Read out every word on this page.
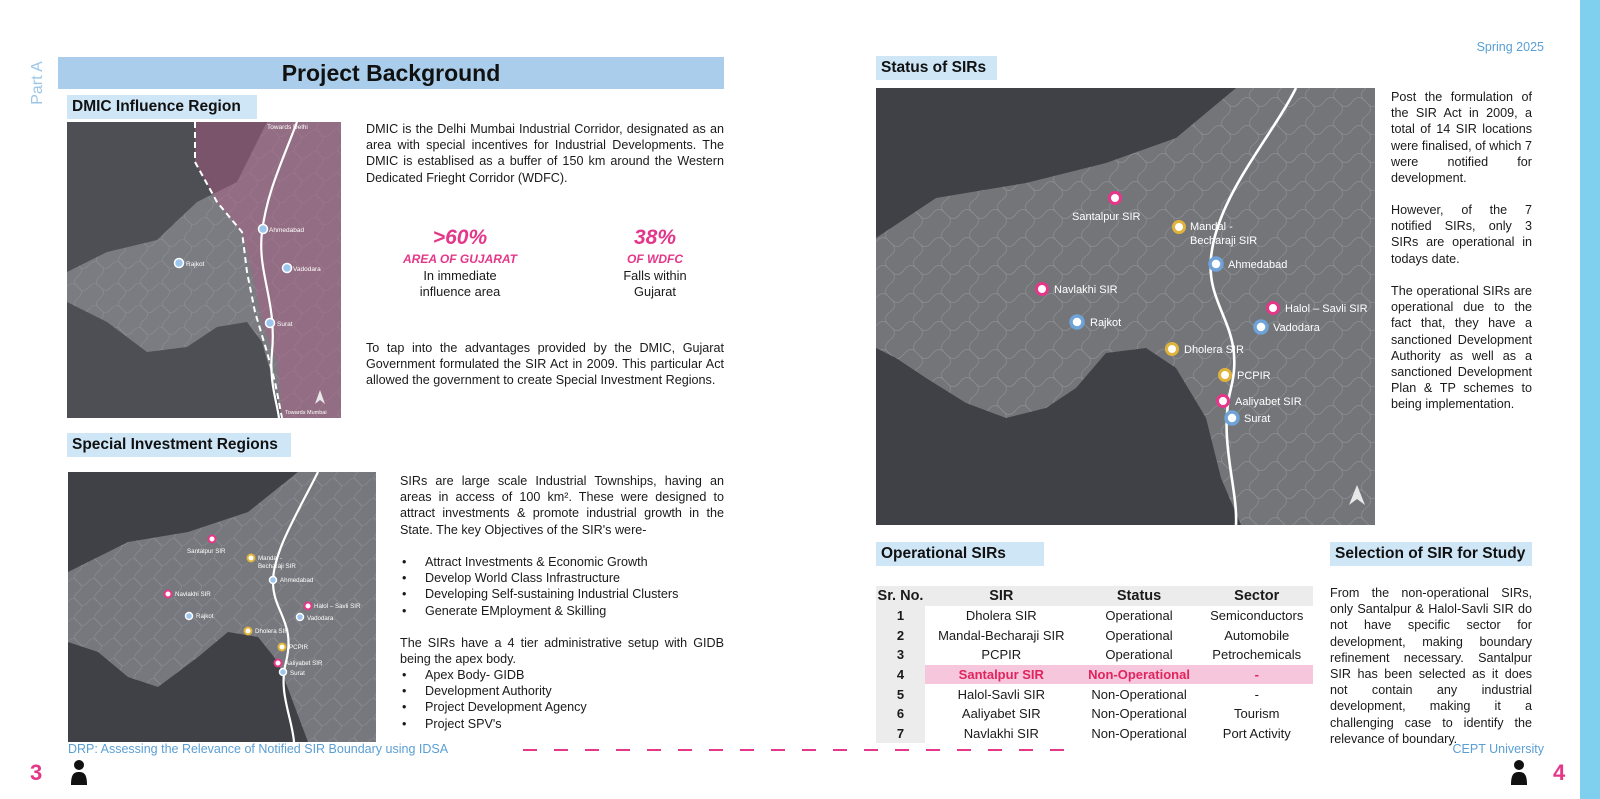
Spring 2025
Part A	Project Background
DMIC Influence Region
Towards Delhi
Ahmedabad
Vadodara
Rajkot
Surat
Towards Mumbai
DMIC is the Delhi Mumbai Industrial Corridor, designated as an area with special incentives for Industrial Developments. The DMIC is establised as a buffer of 150 km around the Western Dedicated Frieght Corridor (WDFC).
>60%
AREA OF GUJARAT
In immediate
influence area
38%
OF WDFC
Falls within
Gujarat
To tap into the advantages provided by the DMIC, Gujarat Government formulated the SIR Act in 2009. This particular Act allowed the government to create Special Investment Regions.
Special Investment Regions
Santalpur SIR
Mandal -
Becharaji SIR
Ahmedabad
Navlakhi SIR
Rajkot
Halol – Savli SIR
Vadodara
Dholera SIR
PCPIR
Aaliyabet SIR
Surat
SIRs are large scale Industrial Townships, having an areas in access of 100 km². These were designed to attract investments & promote industrial growth in the State. The key Objectives of the SIR's were-
• Attract Investments & Economic Growth
• Develop World Class Infrastructure
• Developing Self-sustaining Industrial Clusters
• Generate EMployment & Skilling
The SIRs have a 4 tier administrative setup with GIDB being the apex body.
• Apex Body- GIDB
• Development Authority
• Project Development Agency
• Project SPV's
Status of SIRs
Santalpur SIR
Mandal -
Becharaji SIR
Ahmedabad
Navlakhi SIR
Rajkot
Halol – Savli SIR
Vadodara
Dholera SIR
PCPIR
Aaliyabet SIR
Surat
Post the formulation of the SIR Act in 2009, a total of 14 SIR locations were finalised, of which 7 were notified for development.
However, of the 7 notified SIRs, only 3 SIRs are operational in todays date.
The operational SIRs are operational due to the fact that, they have a sanctioned Development Authority as well as a sanctioned Development Plan & TP schemes to being implementation.
Operational SIRs
Sr. No.	SIR	Status	Sector
1	Dholera SIR	Operational	Semiconductors
2	Mandal-Becharaji SIR	Operational	Automobile
3	PCPIR	Operational	Petrochemicals
4	Santalpur SIR	Non-Operational	-
5	Halol-Savli SIR	Non-Operational	-
6	Aaliyabet SIR	Non-Operational	Tourism
7	Navlakhi SIR	Non-Operational	Port Activity
Selection of SIR for Study
From the non-operational SIRs, only Santalpur & Halol-Savli SIR do not have specific sector for development, making boundary refinement necessary. Santalpur SIR has been selected as it does not contain any industrial development, making it a challenging case to identify the relevance of boundary.
DRP: Assessing the Relevance of Notified SIR Boundary using IDSA	CEPT University
3	4
